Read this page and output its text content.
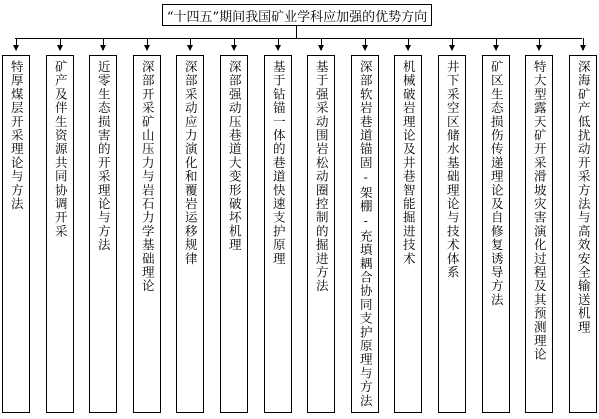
“十四五”期间我国矿业学科应加强的优势方向
特厚煤层开采理论与方法 矿产及伴生资源共同协调开采 近零生态损害的开采理论与方法 深部开采矿山压力与岩石力学基础理论 深部采动应力演化和覆岩运移规律 深部强动压巷道大变形破坏机理 基于钻锚一体的巷道快速支护原理 基于强采动围岩松动圈控制的掘进方法 深部软岩巷道锚固-架棚-充填耦合协同支护原理与方法 机械破岩理论及井巷智能掘进技术 井下采空区储水基础理论与技术体系 矿区生态损伤传递理论及自修复诱导方法 特大型露天矿开采滑坡灾害演化过程及其预测理论 深海矿产低扰动开采方法与高效安全输送机理
